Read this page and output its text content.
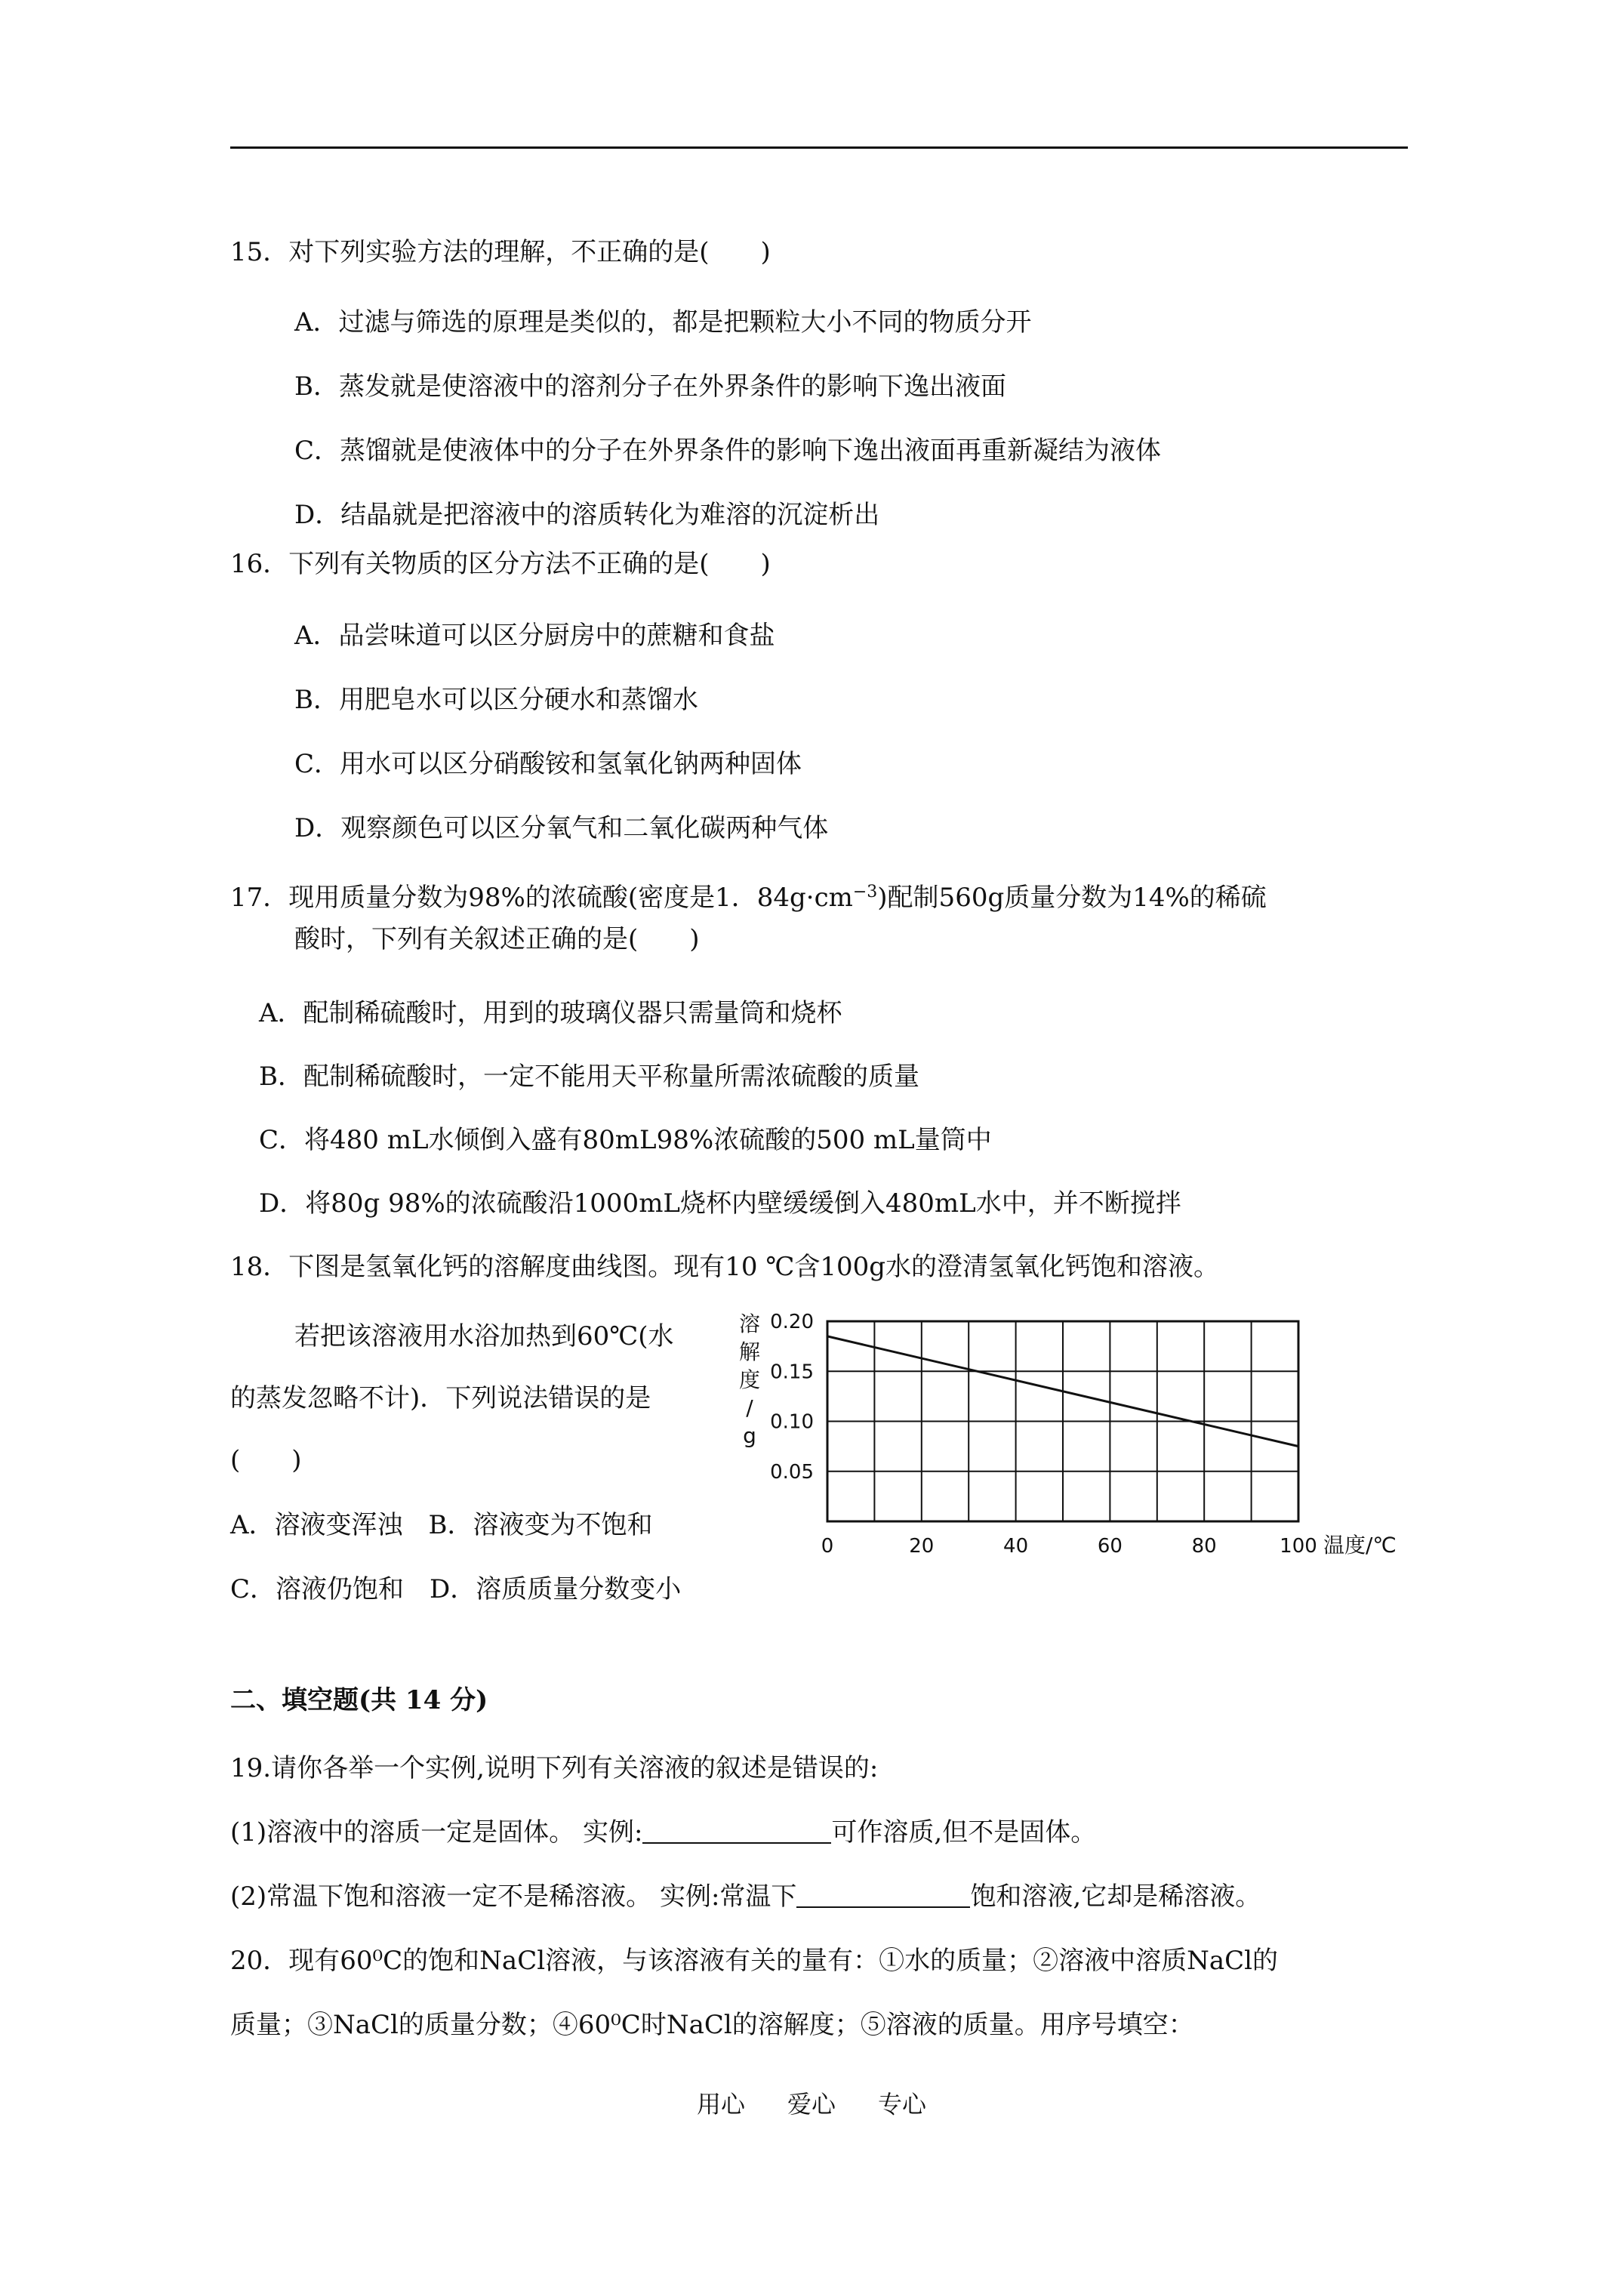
15．对下列实验方法的理解，不正确的是(　　)
A．过滤与筛选的原理是类似的，都是把颗粒大小不同的物质分开
B．蒸发就是使溶液中的溶剂分子在外界条件的影响下逸出液面
C．蒸馏就是使液体中的分子在外界条件的影响下逸出液面再重新凝结为液体
D．结晶就是把溶液中的溶质转化为难溶的沉淀析出
16．下列有关物质的区分方法不正确的是(　　)
A．品尝味道可以区分厨房中的蔗糖和食盐
B．用肥皂水可以区分硬水和蒸馏水
C．用水可以区分硝酸铵和氢氧化钠两种固体
D．观察颜色可以区分氧气和二氧化碳两种气体
17．现用质量分数为98%的浓硫酸(密度是1．$84g\cdot cm^{-3}$)配制560g质量分数为14%的稀硫
酸时，下列有关叙述正确的是(　　)
A．配制稀硫酸时，用到的玻璃仪器只需量筒和烧杯
B．配制稀硫酸时，一定不能用天平称量所需浓硫酸的质量
C．将480 mL水倾倒入盛有80mL98%浓硫酸的500 mL量筒中
D．将80g 98%的浓硫酸沿1000mL烧杯内壁缓缓倒入480mL水中，并不断搅拌
18．下图是氢氧化钙的溶解度曲线图。现有10 ℃含100g水的澄清氢氧化钙饱和溶液。
若把该溶液用水浴加热到60℃(水
的蒸发忽略不计)．下列说法错误的是
(　　)
A．溶液变浑浊　B．溶液变为不饱和
C．溶液仍饱和　D．溶质质量分数变小
溶
解
度
/
g
0.05
0.10
0.15
0.20
0	20	40	60	80	100 温度/℃
二、填空题(共 14 分)
19.请你各举一个实例,说明下列有关溶液的叙述是错误的:
(1)溶液中的溶质一定是固体。 实例:	可作溶质,但不是固体。
(2)常温下饱和溶液一定不是稀溶液。 实例:常温下	饱和溶液,它却是稀溶液。
20．现有60⁰C的饱和NaCl溶液，与该溶液有关的量有：①水的质量；②溶液中溶质NaCl的
质量；③NaCl的质量分数；④60⁰C时NaCl的溶解度；⑤溶液的质量。用序号填空：
用心 爱心 专心
